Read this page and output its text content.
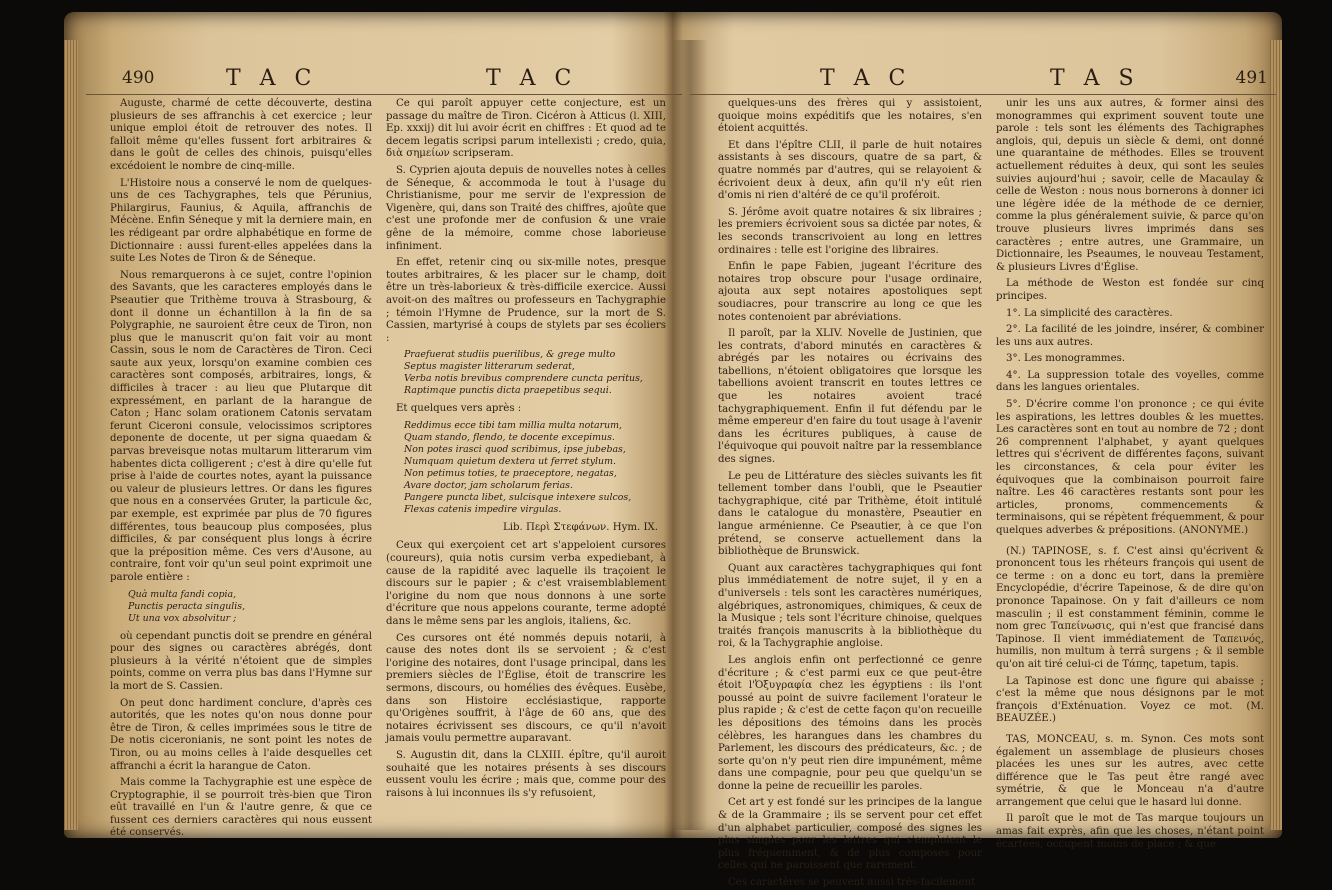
490	T A C	T A C

Auguste, charmé de cette découverte, destina plusieurs de ses affranchis à cet exercice ; leur unique emploi étoit de retrouver des notes. Il falloit même qu'elles fussent fort arbitraires & dans le goût de celles des chinois, puisqu'elles excédoient le nombre de cinq-mille.

L'Histoire nous a conservé le nom de quelques-uns de ces Tachygraphes, tels que Pérunius, Philargirus, Faunius, & Aquila, affranchis de Mécène. Enfin Séneque y mit la derniere main, en les rédigeant par ordre alphabétique en forme de Dictionnaire : aussi furent-elles appelées dans la suite Les Notes de Tiron & de Séneque.

Nous remarquerons à ce sujet, contre l'opinion des Savants, que les caracteres employés dans le Pseautier que Trithème trouva à Strasbourg, & dont il donne un échantillon à la fin de sa Polygraphie, ne sauroient être ceux de Tiron, non plus que le manuscrit qu'on fait voir au mont Cassin, sous le nom de Caractères de Tiron. Ceci saute aux yeux, lorsqu'on examine combien ces caractères sont composés, arbitraires, longs, & difficiles à tracer : au lieu que Plutarque dit expressément, en parlant de la harangue de Caton ; Hanc solam orationem Catonis servatam ferunt Ciceroni consule, velocissimos scriptores deponente de docente, ut per signa quaedam & parvas breveisque notas multarum litterarum vim habentes dicta colligerent ; c'est à dire qu'elle fut prise à l'aide de courtes notes, ayant la puissance ou valeur de plusieurs lettres. Or dans les figures que nous en a conservées Gruter, la particule &c, par exemple, est exprimée par plus de 70 figures différentes, tous beaucoup plus composées, plus difficiles, & par conséquent plus longs à écrire que la préposition même. Ces vers d'Ausone, au contraire, font voir qu'un seul point exprimoit une parole entière :

Quà multa fandi copia,
Punctis peracta singulis,
Ut una vox absolvitur ;

où cependant punctis doit se prendre en général pour des signes ou caractères abrégés, dont plusieurs à la vérité n'étoient que de simples points, comme on verra plus bas dans l'Hymne sur la mort de S. Cassien.

On peut donc hardiment conclure, d'après ces autorités, que les notes qu'on nous donne pour être de Tiron, & celles imprimées sous le titre de De notis ciceronianis, ne sont point les notes de Tiron, ou au moins celles à l'aide desquelles cet affranchi a écrit la harangue de Caton.

Mais comme la Tachygraphie est une espèce de Cryptographie, il se pourroit très-bien que Tiron eût travaillé en l'un & l'autre genre, & que ce fussent ces derniers caractères qui nous eussent été conservés.

Ce qui paroît appuyer cette conjecture, est un passage du maître de Tiron. Cicéron à Atticus (l. XIII, Ep. xxxij) dit lui avoir écrit en chiffres : Et quod ad te decem legatis scripsi parum intellexisti ; credo, quia, διὰ σημείων scripseram.

S. Cyprien ajouta depuis de nouvelles notes à celles de Séneque, & accommoda le tout à l'usage du Christianisme, pour me servir de l'expression de Vigenère, qui, dans son Traité des chiffres, ajoûte que c'est une profonde mer de confusion & une vraie gêne de la mémoire, comme chose laborieuse infiniment.

En effet, retenir cinq ou six-mille notes, presque toutes arbitraires, & les placer sur le champ, doit être un très-laborieux & très-difficile exercice. Aussi avoit-on des maîtres ou professeurs en Tachygraphie ; témoin l'Hymne de Prudence, sur la mort de S. Cassien, martyrisé à coups de stylets par ses écoliers :

Praefuerat studiis puerilibus, & grege multo
Septus magister litterarum sederat,
Verba notis brevibus comprendere cuncta peritus,
Raptimque punctis dicta praepetibus sequi.

Et quelques vers après :

Reddimus ecce tibi tam millia multa notarum,
Quam stando, flendo, te docente excepimus.
Non potes irasci quod scribimus, ipse jubebas,
Numquam quietum dextera ut ferret stylum.
Non petimus toties, te praeceptore, negatas,
Avare doctor, jam scholarum ferias.
Pangere puncta libet, sulcisque intexere sulcos,
Flexas catenis impedire virgulas.

Lib. Περὶ Στεφάνων. Hym. IX.

Ceux qui exerçoient cet art s'appeloient cursores (coureurs), quia notis cursim verba expediebant, à cause de la rapidité avec laquelle ils traçoient le discours sur le papier ; & c'est vraisemblablement l'origine du nom que nous donnons à une sorte d'écriture que nous appelons courante, terme adopté dans le même sens par les anglois, italiens, &c.

Ces cursores ont été nommés depuis notarii, à cause des notes dont ils se servoient ; & c'est l'origine des notaires, dont l'usage principal, dans les premiers siècles de l'Église, étoit de transcrire les sermons, discours, ou homélies des évêques. Eusèbe, dans son Histoire ecclésiastique, rapporte qu'Origènes souffrit, à l'âge de 60 ans, que des notaires écrivissent ses discours, ce qu'il n'avoit jamais voulu permettre auparavant.

S. Augustin dit, dans la CLXIII. épître, qu'il auroit souhaité que les notaires présents à ses discours eussent voulu les écrire ; mais que, comme pour des raisons à lui inconnues ils s'y refusoient,

T A C	T A S	491

quelques-uns des frères qui y assistoient, quoique moins expéditifs que les notaires, s'en étoient acquittés.

Et dans l'épître CLII, il parle de huit notaires assistants à ses discours, quatre de sa part, & quatre nommés par d'autres, qui se relayoient & écrivoient deux à deux, afin qu'il n'y eût rien d'omis ni rien d'altéré de ce qu'il proféroit.

S. Jérôme avoit quatre notaires & six libraires ; les premiers écrivoient sous sa dictée par notes, & les seconds transcrivoient au long en lettres ordinaires : telle est l'origine des libraires.

Enfin le pape Fabien, jugeant l'écriture des notaires trop obscure pour l'usage ordinaire, ajouta aux sept notaires apostoliques sept soudiacres, pour transcrire au long ce que les notes contenoient par abréviations.

Il paroît, par la XLIV. Novelle de Justinien, que les contrats, d'abord minutés en caractères & abrégés par les notaires ou écrivains des tabellions, n'étoient obligatoires que lorsque les tabellions avoient transcrit en toutes lettres ce que les notaires avoient tracé tachygraphiquement. Enfin il fut défendu par le même empereur d'en faire du tout usage à l'avenir dans les écritures publiques, à cause de l'équivoque qui pouvoit naître par la ressemblance des signes.

Le peu de Littérature des siècles suivants les fit tellement tomber dans l'oubli, que le Pseautier tachygraphique, cité par Trithème, étoit intitulé dans le catalogue du monastère, Pseautier en langue arménienne. Ce Pseautier, à ce que l'on prétend, se conserve actuellement dans la bibliothèque de Brunswick.

Quant aux caractères tachygraphiques qui font plus immédiatement de notre sujet, il y en a d'universels : tels sont les caractères numériques, algébriques, astronomiques, chimiques, & ceux de la Musique ; tels sont l'écriture chinoise, quelques traités françois manuscrits à la bibliothèque du roi, & la Tachygraphie angloise.

Les anglois enfin ont perfectionné ce genre d'écriture ; & c'est parmi eux ce que peut-être étoit l'Ὀξυγραφία chez les égyptiens : ils l'ont poussé au point de suivre facilement l'orateur le plus rapide ; & c'est de cette façon qu'on recueille les dépositions des témoins dans les procès célèbres, les harangues dans les chambres du Parlement, les discours des prédicateurs, &c. ; de sorte qu'on n'y peut rien dire impunément, même dans une compagnie, pour peu que quelqu'un se donne la peine de recueillir les paroles.

Cet art y est fondé sur les principes de la langue & de la Grammaire ; ils se servent pour cet effet d'un alphabet particulier, composé des signes les plus simples pour les lettres qui s'emploient le plus fréquemment, & de plus composés pour celles qui ne paroissent que rarement.

Ces caractères se peuvent aussi très-facilement

unir les uns aux autres, & former ainsi des monogrammes qui expriment souvent toute une parole : tels sont les éléments des Tachigraphes anglois, qui, depuis un siècle & demi, ont donné une quarantaine de méthodes. Elles se trouvent actuellement réduites à deux, qui sont les seules suivies aujourd'hui ; savoir, celle de Macaulay & celle de Weston : nous nous bornerons à donner ici une légère idée de la méthode de ce dernier, comme la plus généralement suivie, & parce qu'on trouve plusieurs livres imprimés dans ses caractères ; entre autres, une Grammaire, un Dictionnaire, les Pseaumes, le nouveau Testament, & plusieurs Livres d'Église.

La méthode de Weston est fondée sur cinq principes.

1°. La simplicité des caractères.

2°. La facilité de les joindre, insérer, & combiner les uns aux autres.

3°. Les monogrammes.

4°. La suppression totale des voyelles, comme dans les langues orientales.

5°. D'écrire comme l'on prononce ; ce qui évite les aspirations, les lettres doubles & les muettes. Les caractères sont en tout au nombre de 72 ; dont 26 comprennent l'alphabet, y ayant quelques lettres qui s'écrivent de différentes façons, suivant les circonstances, & cela pour éviter les équivoques que la combinaison pourroit faire naître. Les 46 caractères restants sont pour les articles, pronoms, commencements & terminaisons, qui se répètent fréquemment, & pour quelques adverbes & prépositions. (ANONYME.)

(N.) TAPINOSE, s. f. C'est ainsi qu'écrivent & prononcent tous les rhéteurs françois qui usent de ce terme : on a donc eu tort, dans la première Encyclopédie, d'écrire Tapeinose, & de dire qu'on prononce Tapainose. On y fait d'ailleurs ce nom masculin ; il est constamment féminin, comme le nom grec Ταπείνωσις, qui n'est que francisé dans Tapinose. Il vient immédiatement de Ταπεινός, humilis, non multum à terrâ surgens ; & il semble qu'on ait tiré celui-ci de Τάπης, tapetum, tapis.

La Tapinose est donc une figure qui abaisse ; c'est la même que nous désignons par le mot françois d'Exténuation. Voyez ce mot. (M. BEAUZÉE.)

TAS, MONCEAU, s. m. Synon. Ces mots sont également un assemblage de plusieurs choses placées les unes sur les autres, avec cette différence que le Tas peut être rangé avec symétrie, & que le Monceau n'a d'autre arrangement que celui que le hasard lui donne.

Il paroît que le mot de Tas marque toujours un amas fait exprès, afin que les choses, n'étant point écartées, occupent moins de place ; & que
